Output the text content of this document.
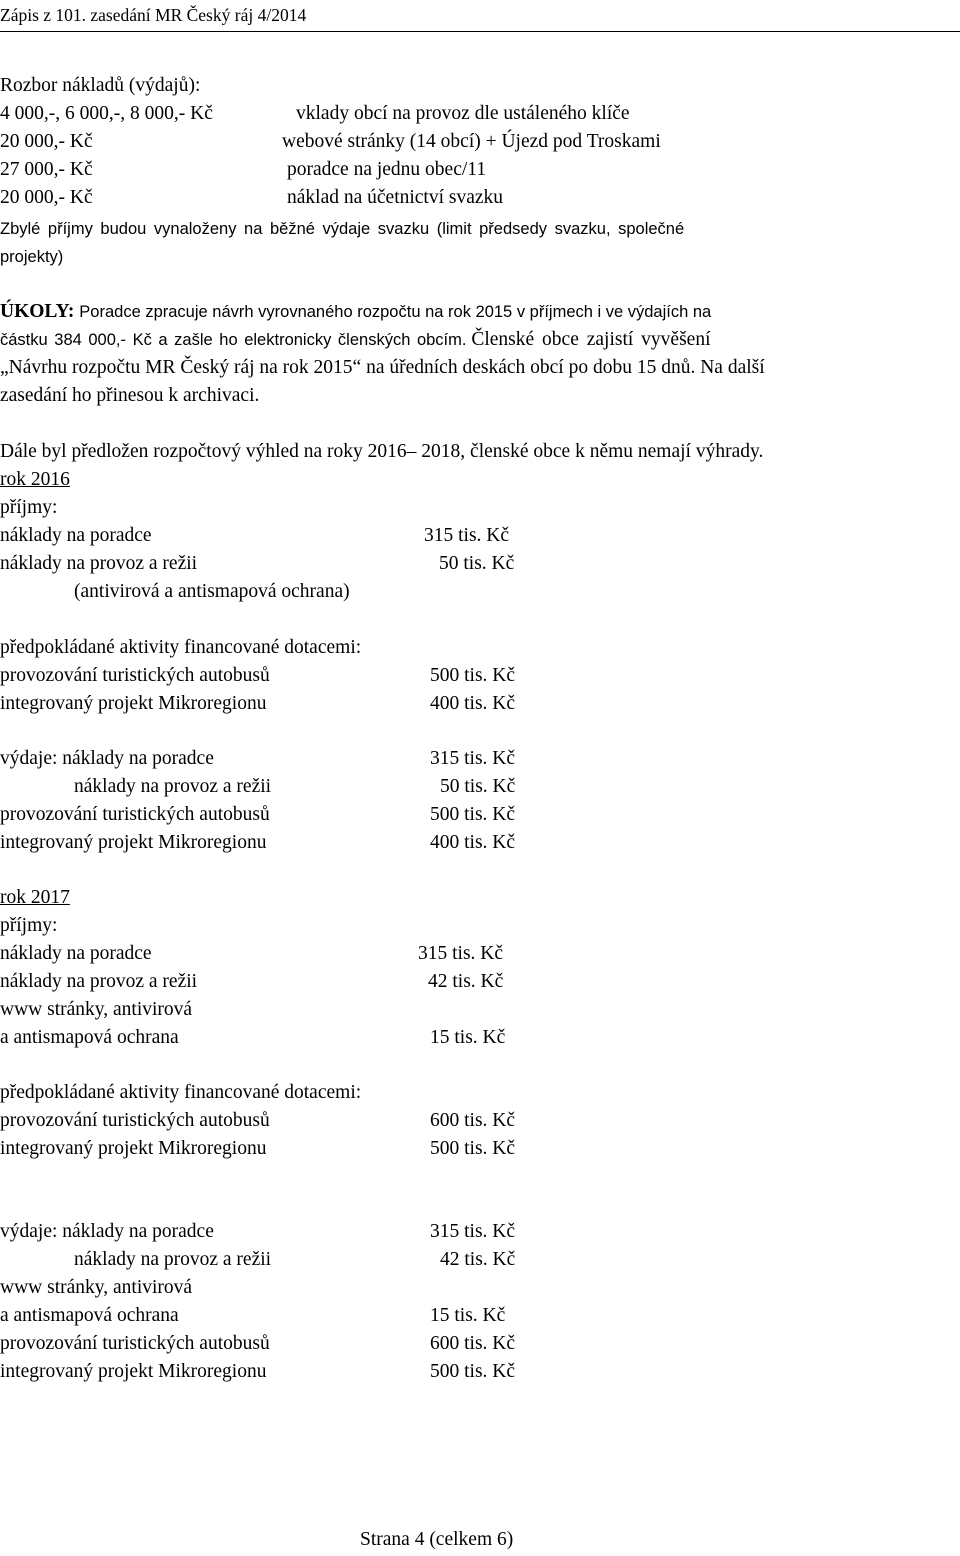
Zápis z 101. zasedání MR Český ráj 4/2014
Rozbor nákladů (výdajů):
4 000,-, 6 000,-, 8 000,- Kč	vklady obcí na provoz dle ustáleného klíče
20 000,- Kč	webové stránky (14 obcí) + Újezd pod Troskami
27 000,- Kč	poradce na jednu obec/11
20 000,- Kč	náklad na účetnictví svazku
Zbylé příjmy budou vynaloženy na běžné výdaje svazku (limit předsedy svazku, společné
projekty)
ÚKOLY: Poradce zpracuje návrh vyrovnaného rozpočtu na rok 2015 v příjmech i ve výdajích na
částku 384 000,- Kč a zašle ho elektronicky členských obcím. Členské obce zajistí vyvěšení
„Návrhu rozpočtu MR Český ráj na rok 2015“ na úředních deskách obcí po dobu 15 dnů. Na další
zasedání ho přinesou k archivaci.
Dále byl předložen rozpočtový výhled na roky 2016– 2018, členské obce k němu nemají výhrady.
rok 2016
příjmy:
náklady na poradce	315 tis. Kč
náklady na provoz a režii	50 tis. Kč
(antivirová a antismapová ochrana)
předpokládané aktivity financované dotacemi:
provozování turistických autobusů	500 tis. Kč
integrovaný projekt Mikroregionu	400 tis. Kč
výdaje: náklady na poradce	315 tis. Kč
náklady na provoz a režii	50 tis. Kč
provozování turistických autobusů	500 tis. Kč
integrovaný projekt Mikroregionu	400 tis. Kč
rok 2017
příjmy:
náklady na poradce	315 tis. Kč
náklady na provoz a režii	42 tis. Kč
www stránky, antivirová
a antismapová ochrana	15 tis. Kč
předpokládané aktivity financované dotacemi:
provozování turistických autobusů	600 tis. Kč
integrovaný projekt Mikroregionu	500 tis. Kč
výdaje: náklady na poradce	315 tis. Kč
náklady na provoz a režii	42 tis. Kč
www stránky, antivirová
a antismapová ochrana	15 tis. Kč
provozování turistických autobusů	600 tis. Kč
integrovaný projekt Mikroregionu	500 tis. Kč
Strana 4 (celkem 6)
